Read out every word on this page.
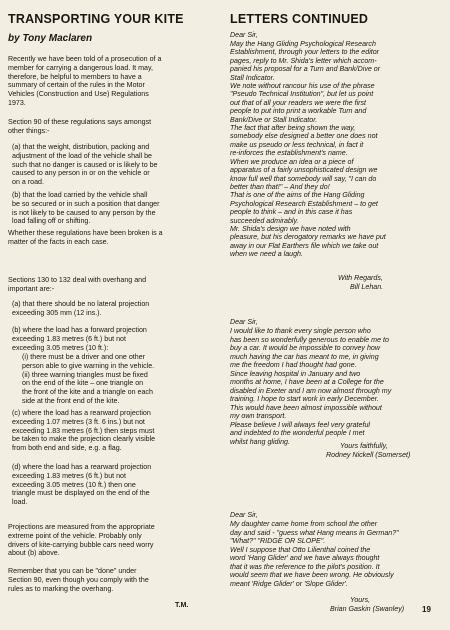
TRANSPORTING YOUR KITE
by Tony Maclaren

Recently we have been told of a prosecution of a
member for carrying a dangerous load. It may,
therefore, be helpful to members to have a
summary of certain of the rules in the Motor
Vehicles (Construction and Use) Regulations
1973.

Section 90 of these regulations says amongst
other things:-

(a) that the weight, distribution, packing and
adjustment of the load of the vehicle shall be
such that no danger is caused or is likely to be
caused to any person in or on the vehicle or
on a road.

(b) that the load carried by the vehicle shall
be so secured or in such a position that danger
is not likely to be caused to any person by the
load falling off or shifting.

Whether these regulations have been broken is a
matter of the facts in each case.

Sections 130 to 132 deal with overhang and
important are:-

(a) that there should be no lateral projection
exceeding 305 mm (12 ins.).

(b) where the load has a forward projection
exceeding 1.83 metres (6 ft.) but not
exceeding 3.05 metres (10 ft.):

(i) there must be a driver and one other
person able to give warning in the vehicle.
(ii) three warning triangles must be fixed
on the end of the kite – one triangle on
the front of the kite and a triangle on each
side at the front end of the kite.

(c) where the load has a rearward projection
exceeding 1.07 metres (3 ft. 6 ins.) but not
exceeding 1.83 metres (6 ft.) then steps must
be taken to make the projection clearly visible
from both end and side, e.g. a flag.

(d) where the load has a rearward projection
exceeding 1.83 metres (6 ft.) but not
exceeding 3.05 metres (10 ft.) then one
triangle must be displayed on the end of the
load.

Projections are measured from the appropriate
extreme point of the vehicle. Probably only
drivers of kite-carrying bubble cars need worry
about (b) above.

Remember that you can be "done" under
Section 90, even though you comply with the
rules as to marking the overhang.

T.M.
LETTERS CONTINUED

Dear Sir,

May the Hang Gliding Psychological Research
Establishment, through your letters to the editor
pages, reply to Mr. Shida's letter which accom-
panied his proposal for a Turn and Bank/Dive or
Stall Indicator.
We note without rancour his use of the phrase
"Pseudo Technical Institution", but let us point
out that of all your readers we were the first
people to put into print a workable Turn and
Bank/Dive or Stall Indicator.
The fact that after being shown the way,
somebody else designed a better one does not
make us pseudo or less technical, in fact it
re-inforces the establishment's name.
When we produce an idea or a piece of
apparatus of a fairly unsophisticated design we
know full well that somebody will say, "I can do
better than that!" – And they do!
That is one of the aims of the Hang Gliding
Psychological Research Establishment – to get
people to think – and in this case it has
succeeded admirably.
Mr. Shida's design we have noted with
pleasure, but his derogatory remarks we have put
away in our Flat Earthers file which we take out
when we need a laugh.

With Regards,
Bill Lehan.

Dear Sir,

I would like to thank every single person who
has been so wonderfully generous to enable me to
buy a car. It would be impossible to convey how
much having the car has meant to me, in giving
me the freedom I had thought had gone.
Since leaving hospital in January and two
months at home, I have been at a College for the
disabled in Exeter and I am now almost through my
training. I hope to start work in early December.
This would have been almost impossible without
my own transport.
Please believe I will always feel very grateful
and indebted to the wonderful people I met
whilst hang gliding.

Yours faithfully,
Rodney Nickell (Somerset)

Dear Sir,

My daughter came home from school the other
day and said - "guess what Hang means in German?"
"What?" "RIDGE OR SLOPE".
Well I suppose that Otto Lilienthal coined the
word 'Hang Glider' and we have always thought
that it was the reference to the pilot's position. It
would seem that we have been wrong. He obviously
meant 'Ridge Glider' or 'Slope Glider'.

Yours,
Brian Gaskin (Swanley) 19
